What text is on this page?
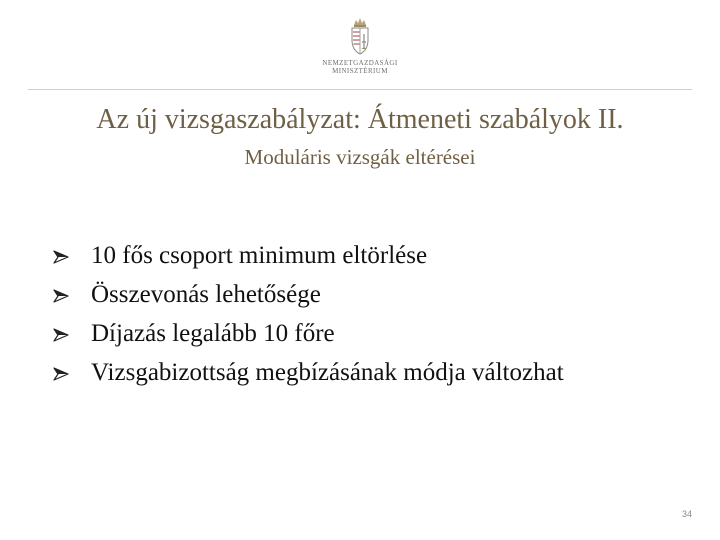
NEMZETGAZDASÁGI
MINISZTÉRIUM
Az új vizsgaszabályzat: Átmeneti szabályok II.
Moduláris vizsgák eltérései
10 fős csoport minimum eltörlése
Összevonás lehetősége
Díjazás legalább 10 főre
Vizsgabizottság megbízásának módja változhat
34
